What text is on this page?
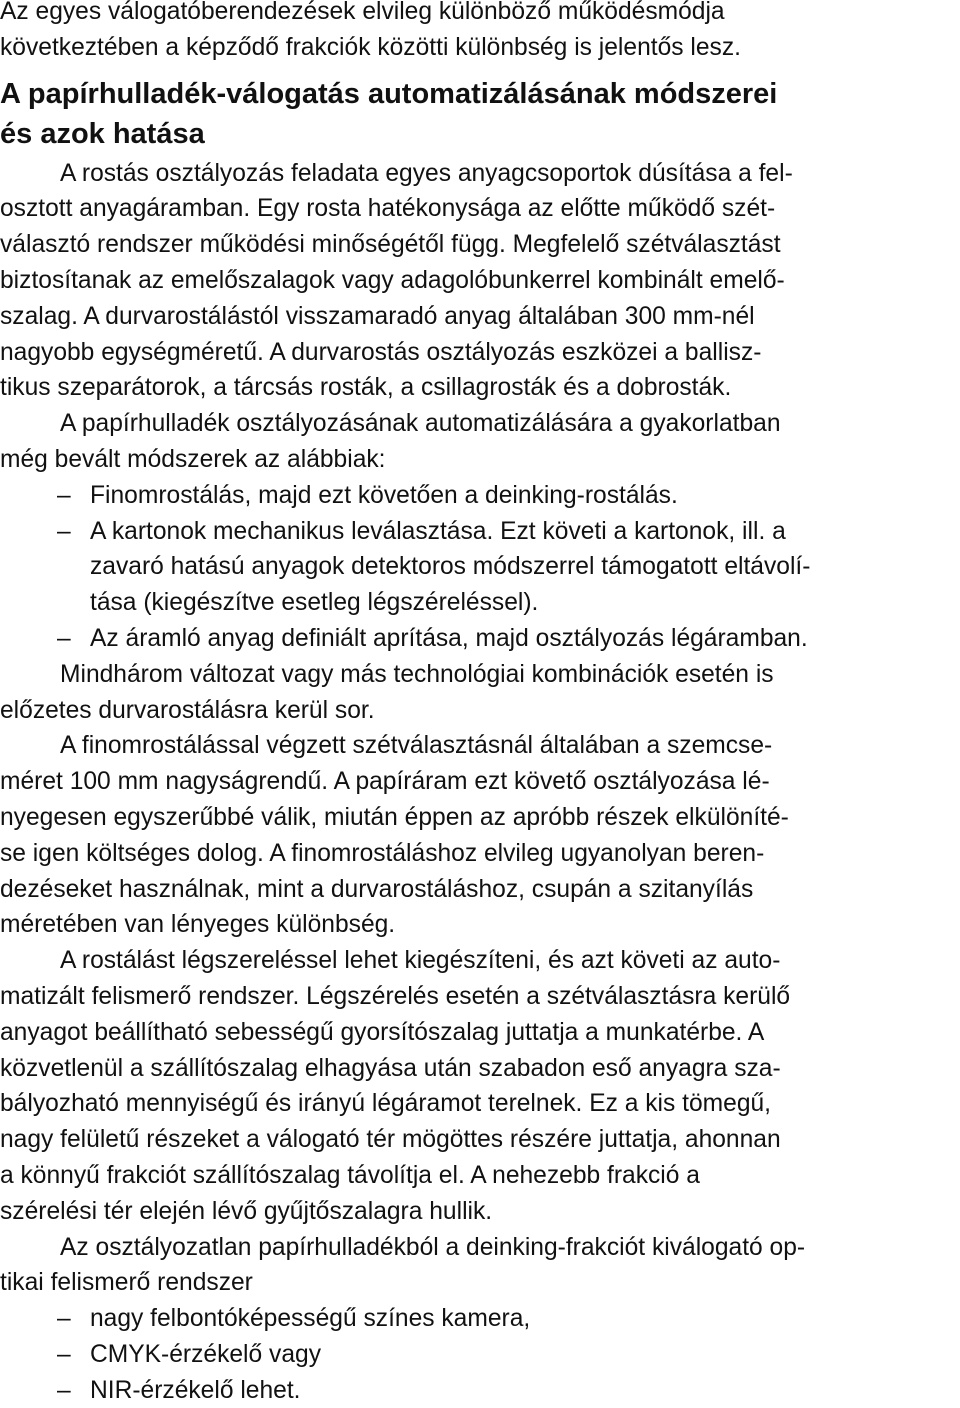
Az egyes válogatóberendezések elvileg különböző működésmódja
következtében a képződő frakciók közötti különbség is jelentős lesz.

A papírhulladék-válogatás automatizálásának módszerei
és azok hatása

A rostás osztályozás feladata egyes anyagcsoportok dúsítása a fel-
osztott anyagáramban. Egy rosta hatékonysága az előtte működő szét-
választó rendszer működési minőségétől függ. Megfelelő szétválasztást
biztosítanak az emelőszalagok vagy adagolóbunkerrel kombinált emelő-
szalag. A durvarostálástól visszamaradó anyag általában 300 mm-nél
nagyobb egységméretű. A durvarostás osztályozás eszközei a ballisz-
tikus szeparátorok, a tárcsás rosták, a csillagrosták és a dobrosták.

A papírhulladék osztályozásának automatizálására a gyakorlatban
még bevált módszerek az alábbiak:

– Finomrostálás, majd ezt követően a deinking-rostálás.
– A kartonok mechanikus leválasztása. Ezt követi a kartonok, ill. a
zavaró hatású anyagok detektoros módszerrel támogatott eltávolí-
tása (kiegészítve esetleg légszéreléssel).
– Az áramló anyag definiált aprítása, majd osztályozás légáramban.

Mindhárom változat vagy más technológiai kombinációk esetén is
előzetes durvarostálásra kerül sor.

A finomrostálással végzett szétválasztásnál általában a szemcse-
méret 100 mm nagyságrendű. A papíráram ezt követő osztályozása lé-
nyegesen egyszerűbbé válik, miután éppen az apróbb részek elkülöníté-
se igen költséges dolog. A finomrostáláshoz elvileg ugyanolyan beren-
dezéseket használnak, mint a durvarostáláshoz, csupán a szitanyílás
méretében van lényeges különbség.

A rostálást légszereléssel lehet kiegészíteni, és azt követi az auto-
matizált felismerő rendszer. Légszérelés esetén a szétválasztásra kerülő
anyagot beállítható sebességű gyorsítószalag juttatja a munkatérbe. A
közvetlenül a szállítószalag elhagyása után szabadon eső anyagra sza-
bályozható mennyiségű és irányú légáramot terelnek. Ez a kis tömegű,
nagy felületű részeket a válogató tér mögöttes részére juttatja, ahonnan
a könnyű frakciót szállítószalag távolítja el. A nehezebb frakció a
szérelési tér elején lévő gyűjtőszalagra hullik.

Az osztályozatlan papírhulladékból a deinking-frakciót kiválogató op-
tikai felismerő rendszer

– nagy felbontóképességű színes kamera,
– CMYK-érzékelő vagy
– NIR-érzékelő lehet.
